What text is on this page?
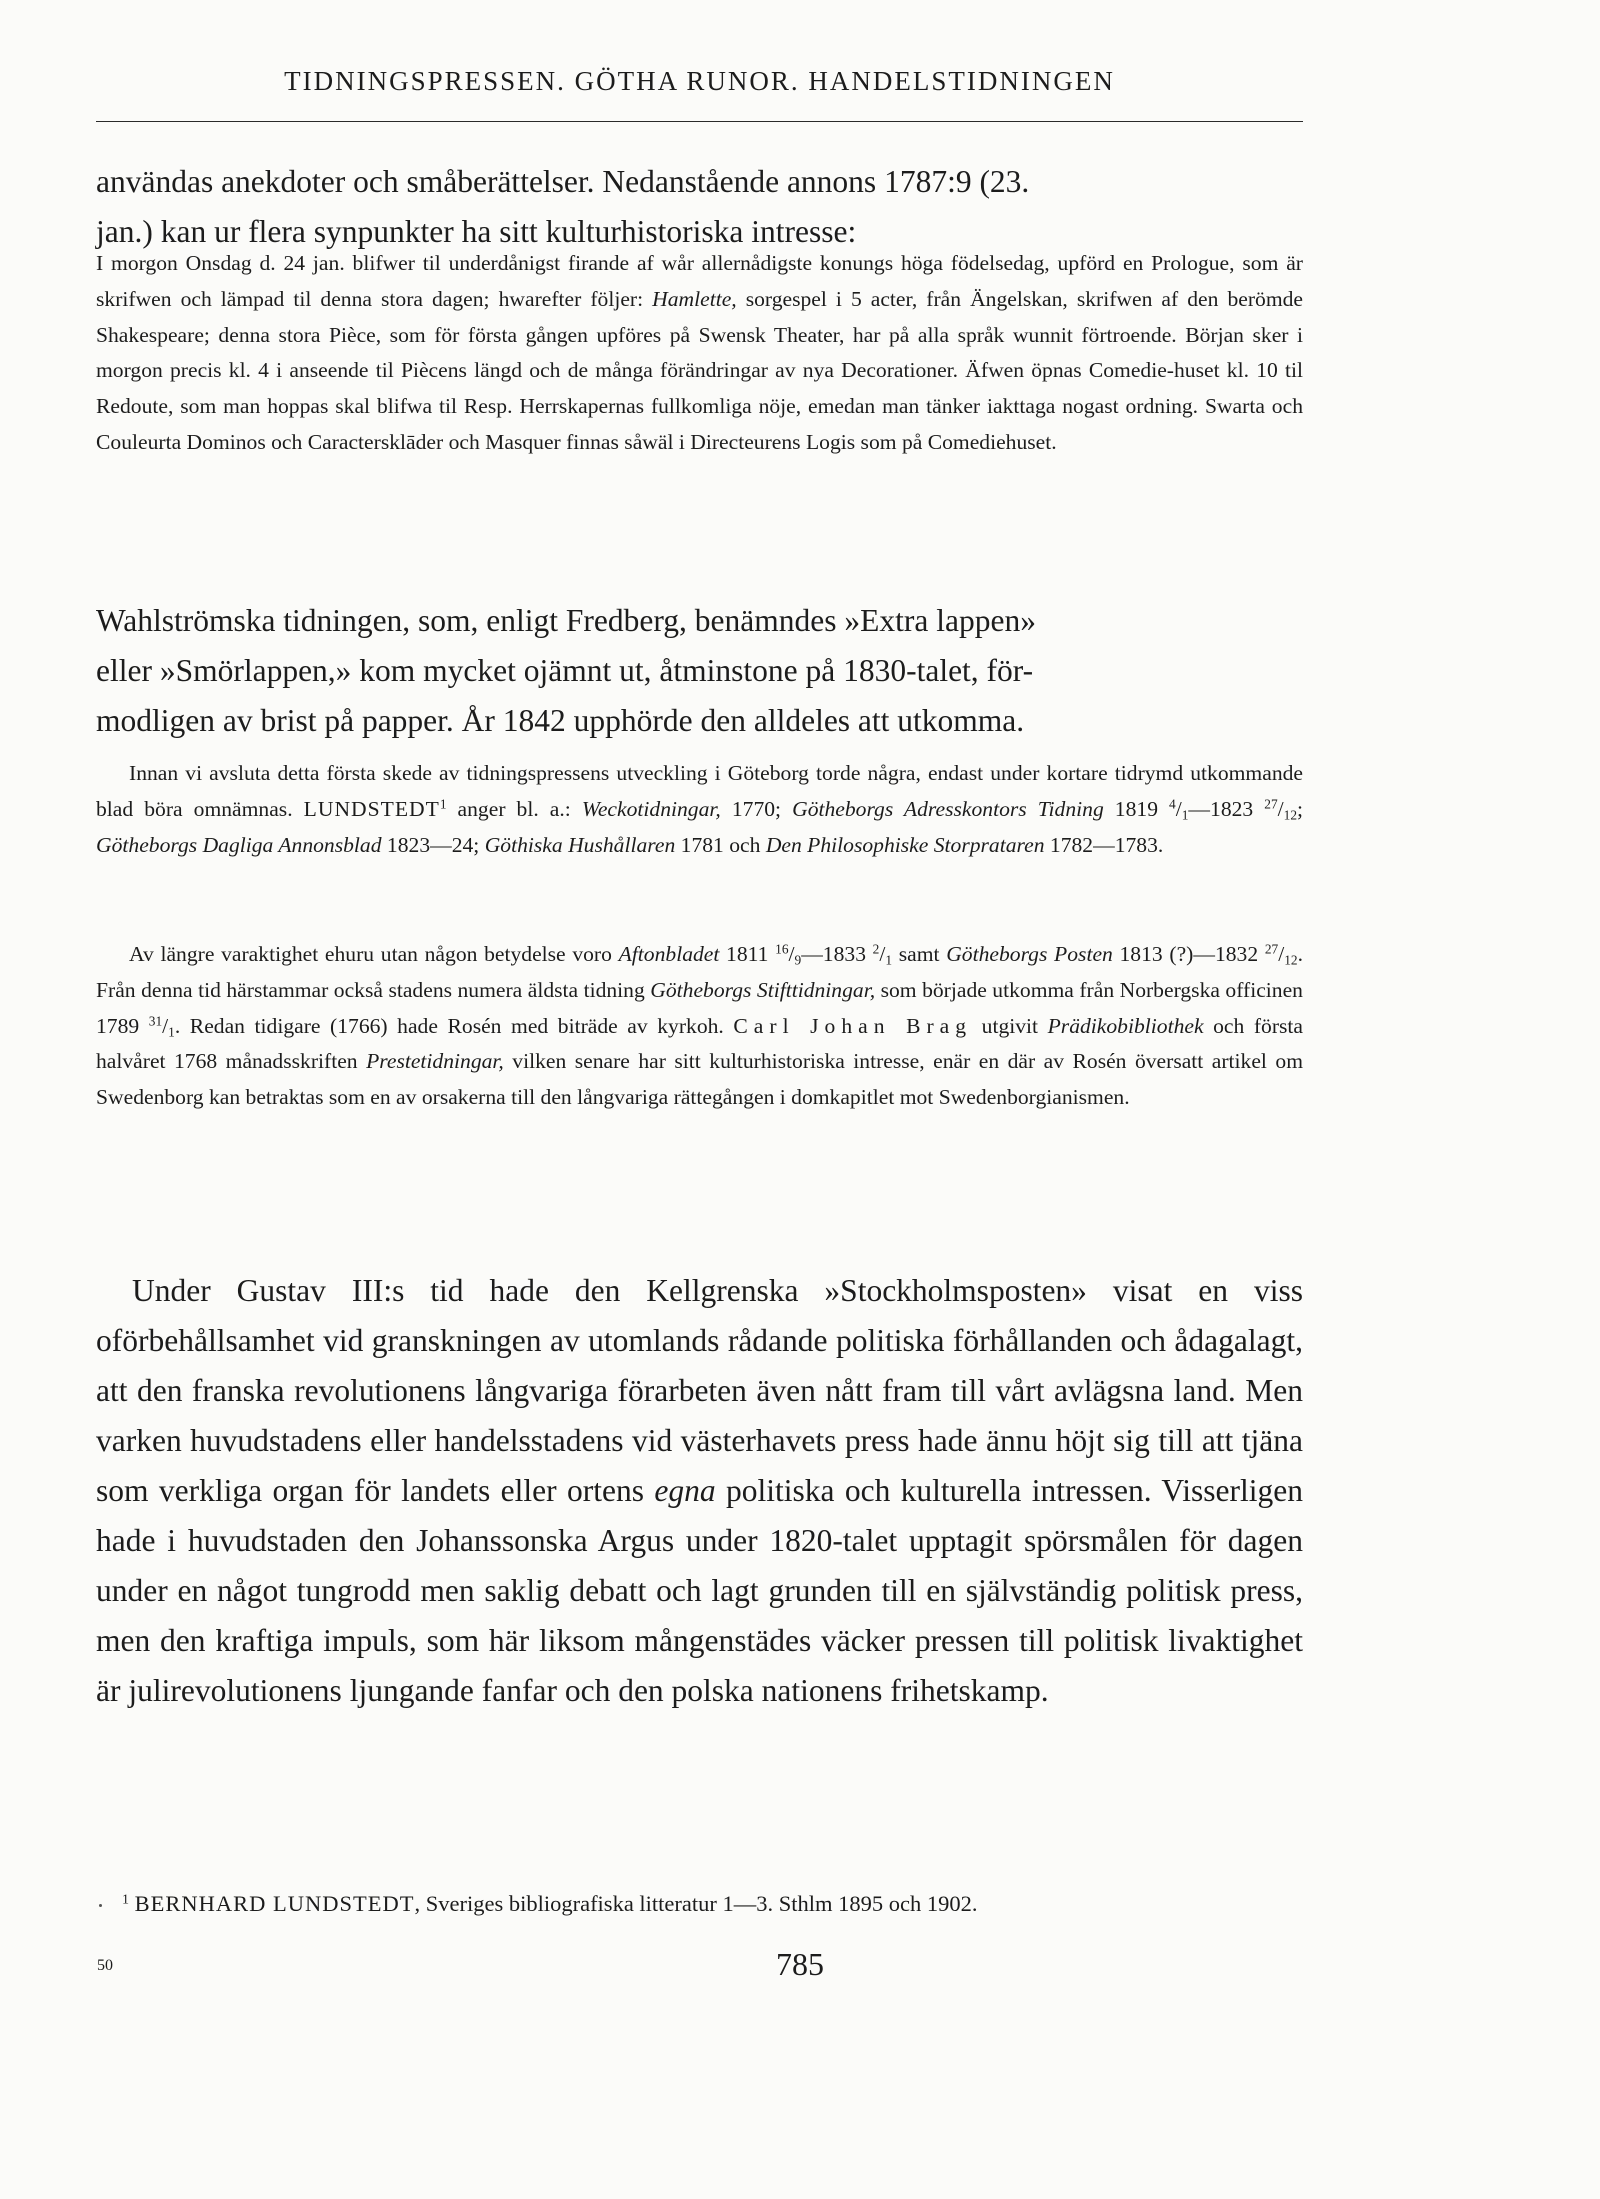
TIDNINGSPRESSEN. GÖTHA RUNOR. HANDELSTIDNINGEN
användas anekdoter och småberättelser. Nedanstående annons 1787:9 (23.
jan.) kan ur flera synpunkter ha sitt kulturhistoriska intresse:

I morgon Onsdag d. 24 jan. blifwer til underdånigst firande af wår allernådigste konungs höga födelsedag, upförd en Prologue, som är skrifwen och lämpad til denna stora dagen; hwarefter följer: Hamlette, sorgespel i 5 acter, från Ängelskan, skrifwen af den berömde Shakespeare; denna stora Pièce, som för första gången upföres på Swensk Theater, har på alla språk wunnit förtroende. Början sker i morgon precis kl. 4 i anseende til Piècens längd och de många förändringar av nya Decorationer. Äfwen öpnas Comedie-huset kl. 10 til Redoute, som man hoppas skal blifwa til Resp. Herrskapernas fullkomliga nöje, emedan man tänker iakttaga nogast ordning. Swarta och Couleurta Dominos och Caractersklāder och Masquer finnas såwäl i Directeurens Logis som på Comediehuset.

Wahlströmska tidningen, som, enligt Fredberg, benämndes »Extra lappen»
eller »Smörlappen,» kom mycket ojämnt ut, åtminstone på 1830-talet, för-
modligen av brist på papper. År 1842 upphörde den alldeles att utkomma.

Innan vi avsluta detta första skede av tidningspressens utveckling i Göteborg torde några, endast under kortare tidrymd utkommande blad böra omnämnas. LUNDSTEDT$^1$ anger bl. a.: Weckotidningar, 1770; Götheborgs Adresskontors Tidning 1819 $^4/_1—1823$ $^{27}/_{12}$; Götheborgs Dagliga Annonsblad 1823—24; Göthiska Hushållaren 1781 och Den Philosophiske Storprataren 1782—1783.

Av längre varaktighet ehuru utan någon betydelse voro Aftonbladet 1811 $^{16}/_9—1833$ $^2/_1$ samt Götheborgs Posten 1813 (?)—1832 $^{27}/_{12}$. Från denna tid härstammar också stadens numera äldsta tidning Götheborgs Stifttidningar, som började utkomma från Norbergska officinen 1789 $^{31}/_1$. Redan tidigare (1766) hade Rosén med biträde av kyrkoh. Carl Johan Brag utgivit Prädikobibliothek och första halvåret 1768 månadsskriften Prestetidningar, vilken senare har sitt kulturhistoriska intresse, enär en där av Rosén översatt artikel om Swedenborg kan betraktas som en av orsakerna till den långvariga rättegången i domkapitlet mot Swedenborgianismen.

Under Gustav III:s tid hade den Kellgrenska »Stockholmsposten» visat en viss oförbehållsamhet vid granskningen av utomlands rådande politiska förhållanden och ådagalagt, att den franska revolutionens långvariga förarbeten även nått fram till vårt avlägsna land. Men varken huvudstadens eller handelsstadens vid västerhavets press hade ännu höjt sig till att tjäna som verkliga organ för landets eller ortens egna politiska och kulturella intressen. Visserligen hade i huvudstaden den Johanssonska Argus under 1820-talet upptagit spörsmålen för dagen under en något tungrodd men saklig debatt och lagt grunden till en självständig politisk press, men den kraftiga impuls, som här liksom mångenstädes väcker pressen till politisk livaktighet är julirevolutionens ljungande fanfar och den polska nationens frihetskamp.

$^1$ BERNHARD LUNDSTEDT, Sveriges bibliografiska litteratur 1—3. Sthlm 1895 och 1902.
50	785
